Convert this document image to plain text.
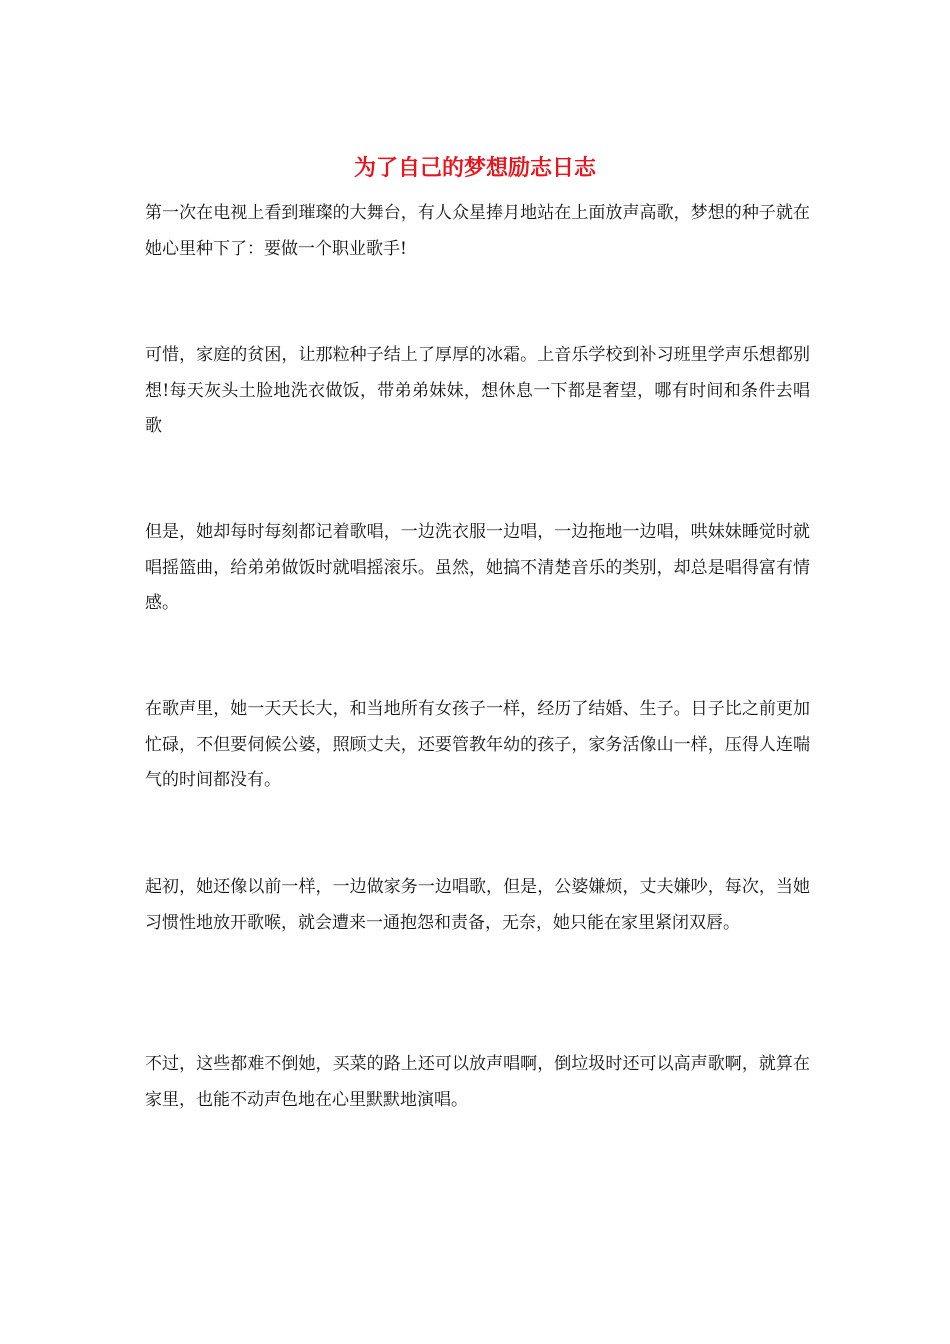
为了自己的梦想励志日志

第一次在电视上看到璀璨的大舞台，有人众星捧月地站在上面放声高歌，梦想的种子就在她心里种下了：要做一个职业歌手!

可惜，家庭的贫困，让那粒种子结上了厚厚的冰霜。上音乐学校到补习班里学声乐想都别想!每天灰头土脸地洗衣做饭，带弟弟妹妹，想休息一下都是奢望，哪有时间和条件去唱歌

但是，她却每时每刻都记着歌唱，一边洗衣服一边唱，一边拖地一边唱，哄妹妹睡觉时就唱摇篮曲，给弟弟做饭时就唱摇滚乐。虽然，她搞不清楚音乐的类别，却总是唱得富有情感。

在歌声里，她一天天长大，和当地所有女孩子一样，经历了结婚、生子。日子比之前更加忙碌，不但要伺候公婆，照顾丈夫，还要管教年幼的孩子，家务活像山一样，压得人连喘气的时间都没有。

起初，她还像以前一样，一边做家务一边唱歌，但是，公婆嫌烦，丈夫嫌吵，每次，当她习惯性地放开歌喉，就会遭来一通抱怨和责备，无奈，她只能在家里紧闭双唇。

不过，这些都难不倒她，买菜的路上还可以放声唱啊，倒垃圾时还可以高声歌啊，就算在家里，也能不动声色地在心里默默地演唱。
